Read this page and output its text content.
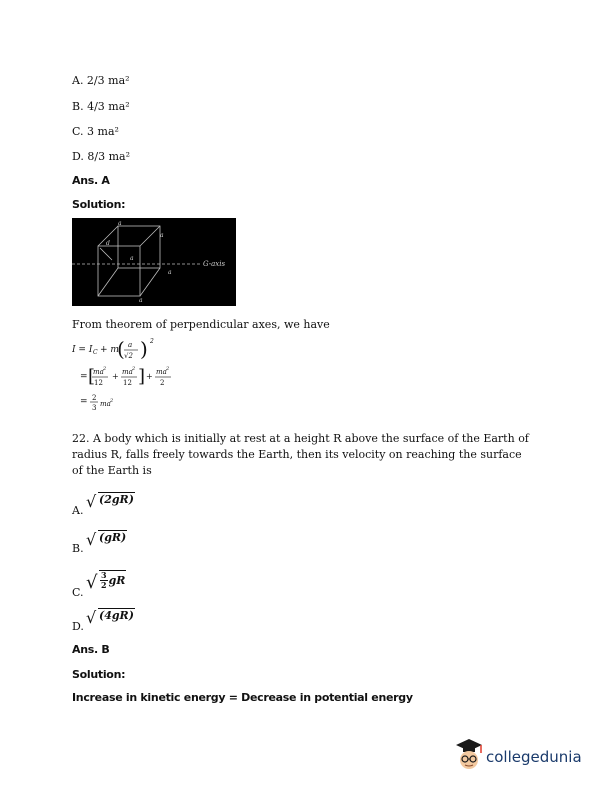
A. 2/3 ma²
B. 4/3 ma²
C. 3 ma²
D. 8/3 ma²
Ans. A
Solution:
a
a
d
a
a
a
G-axis
From theorem of perpendicular axes, we have
I = I C + m
( a
√2 ) 2
= [
ma 2
12
+ ma 2
12 ] + ma 2
2
= 2
3 ma 2
22. A body which is initially at rest at a height R above the surface of the Earth of radius R, falls freely towards the Earth, then its velocity on reaching the surface of the Earth is
A. √ (2gR)
B. √ (gR)
C. √ $\frac{3}{2}$ gR
D. √ (4gR)
Ans. B
Solution:
Increase in kinetic energy = Decrease in potential energy
collegedunia
